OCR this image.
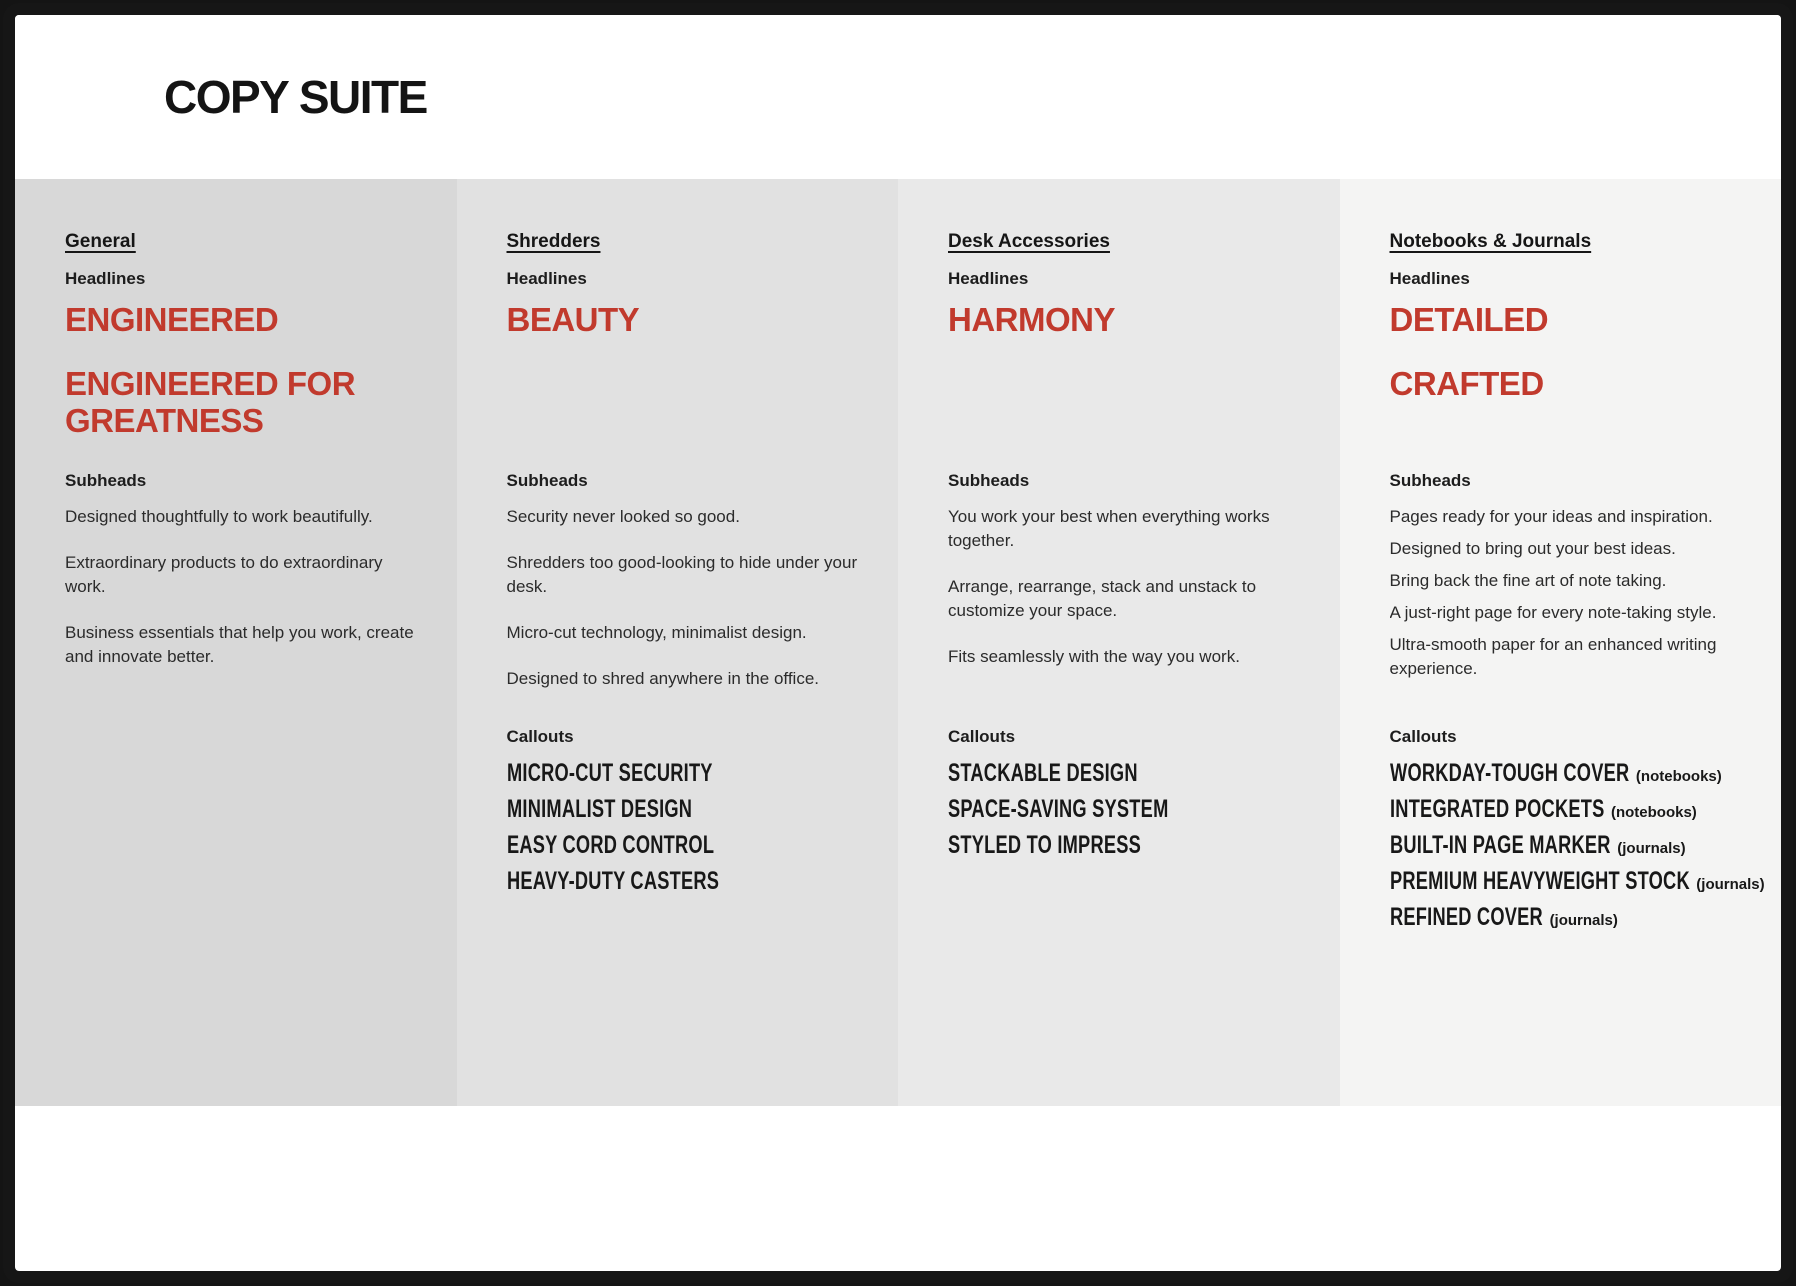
COPY SUITE
General
Headlines
ENGINEERED
ENGINEERED FOR GREATNESS
Subheads

Designed thoughtfully to work beautifully.

Extraordinary products to do extraordinary work.

Business essentials that help you work, create and innovate better.

Shredders
Headlines
BEAUTY
Subheads

Security never looked so good.

Shredders too good-looking to hide under your desk.

Micro-cut technology, minimalist design.

Designed to shred anywhere in the office.

Callouts
MICRO-CUT SECURITY
MINIMALIST DESIGN
EASY CORD CONTROL
HEAVY-DUTY CASTERS
Desk Accessories
Headlines
HARMONY
Subheads

You work your best when everything works together.

Arrange, rearrange, stack and unstack to customize your space.

Fits seamlessly with the way you work.

Callouts
STACKABLE DESIGN
SPACE-SAVING SYSTEM
STYLED TO IMPRESS
Notebooks & Journals
Headlines
DETAILED
CRAFTED
Subheads

Pages ready for your ideas and inspiration.

Designed to bring out your best ideas.

Bring back the fine art of note taking.

A just-right page for every note-taking style.

Ultra-smooth paper for an enhanced writing experience.

Callouts
WORKDAY-TOUGH COVER (notebooks)
INTEGRATED POCKETS (notebooks)
BUILT-IN PAGE MARKER (journals)
PREMIUM HEAVYWEIGHT STOCK (journals)
REFINED COVER (journals)
